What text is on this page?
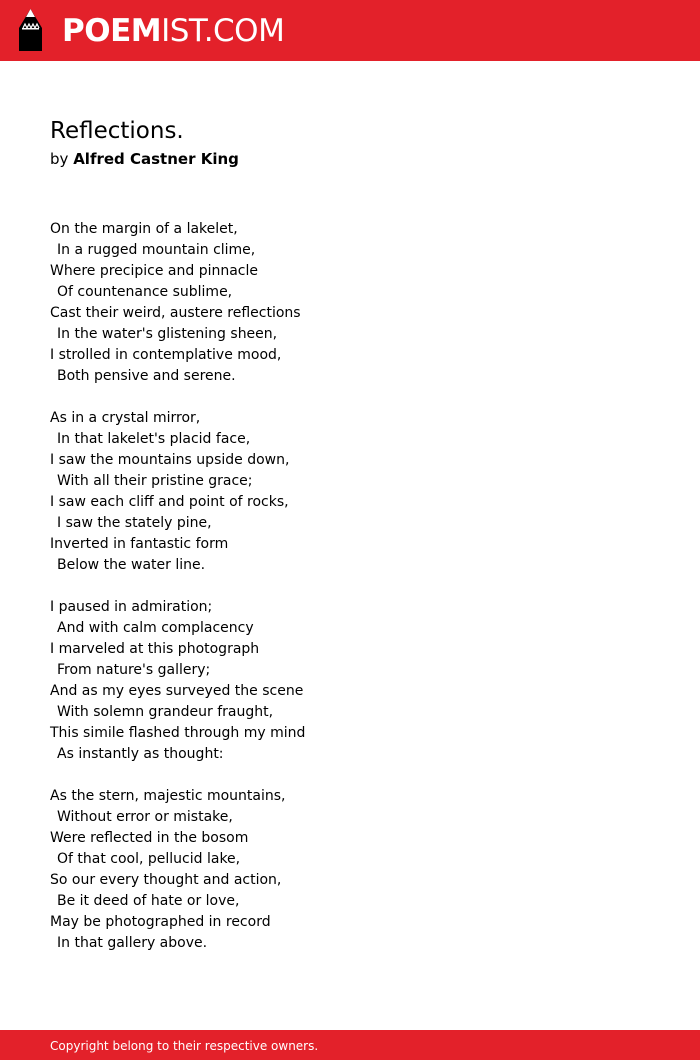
POEMIST.COM
Reflections.
by Alfred Castner King
On the margin of a lakelet,
In a rugged mountain clime,
Where precipice and pinnacle
Of countenance sublime,
Cast their weird, austere reflections
In the water's glistening sheen,
I strolled in contemplative mood,
Both pensive and serene.
As in a crystal mirror,
In that lakelet's placid face,
I saw the mountains upside down,
With all their pristine grace;
I saw each cliff and point of rocks,
I saw the stately pine,
Inverted in fantastic form
Below the water line.
I paused in admiration;
And with calm complacency
I marveled at this photograph
From nature's gallery;
And as my eyes surveyed the scene
With solemn grandeur fraught,
This simile flashed through my mind
As instantly as thought:
As the stern, majestic mountains,
Without error or mistake,
Were reflected in the bosom
Of that cool, pellucid lake,
So our every thought and action,
Be it deed of hate or love,
May be photographed in record
In that gallery above.
Copyright belong to their respective owners.
